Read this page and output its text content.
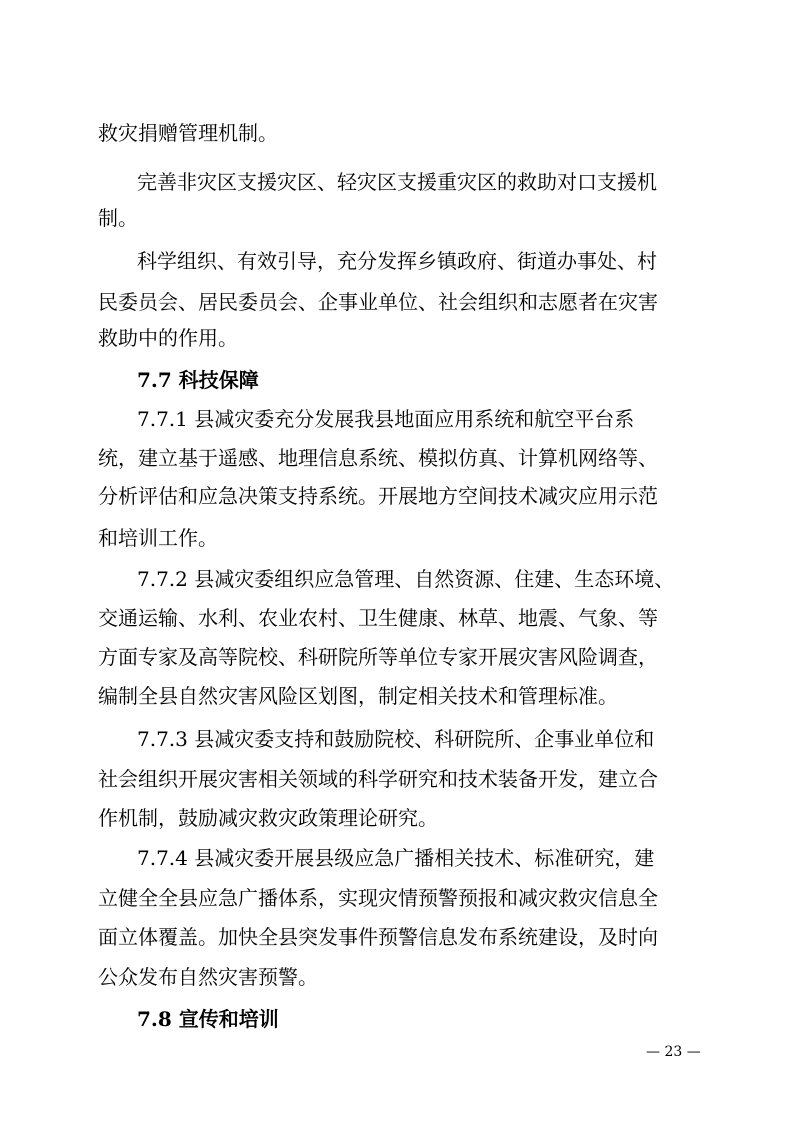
救灾捐赠管理机制。

完善非灾区支援灾区、轻灾区支援重灾区的救助对口支援机

制。

科学组织、有效引导，充分发挥乡镇政府、街道办事处、村

民委员会、居民委员会、企事业单位、社会组织和志愿者在灾害

救助中的作用。

7.7 科技保障

7.7.1 县减灾委充分发展我县地面应用系统和航空平台系

统，建立基于遥感、地理信息系统、模拟仿真、计算机网络等、

分析评估和应急决策支持系统。开展地方空间技术减灾应用示范

和培训工作。

7.7.2 县减灾委组织应急管理、自然资源、住建、生态环境、

交通运输、水利、农业农村、卫生健康、林草、地震、气象、等

方面专家及高等院校、科研院所等单位专家开展灾害风险调查，

编制全县自然灾害风险区划图，制定相关技术和管理标准。

7.7.3 县减灾委支持和鼓励院校、科研院所、企事业单位和

社会组织开展灾害相关领域的科学研究和技术装备开发，建立合

作机制，鼓励减灾救灾政策理论研究。

7.7.4 县减灾委开展县级应急广播相关技术、标准研究，建

立健全全县应急广播体系，实现灾情预警预报和减灾救灾信息全

面立体覆盖。加快全县突发事件预警信息发布系统建设，及时向

公众发布自然灾害预警。

7.8 宣传和培训

— 23 —
